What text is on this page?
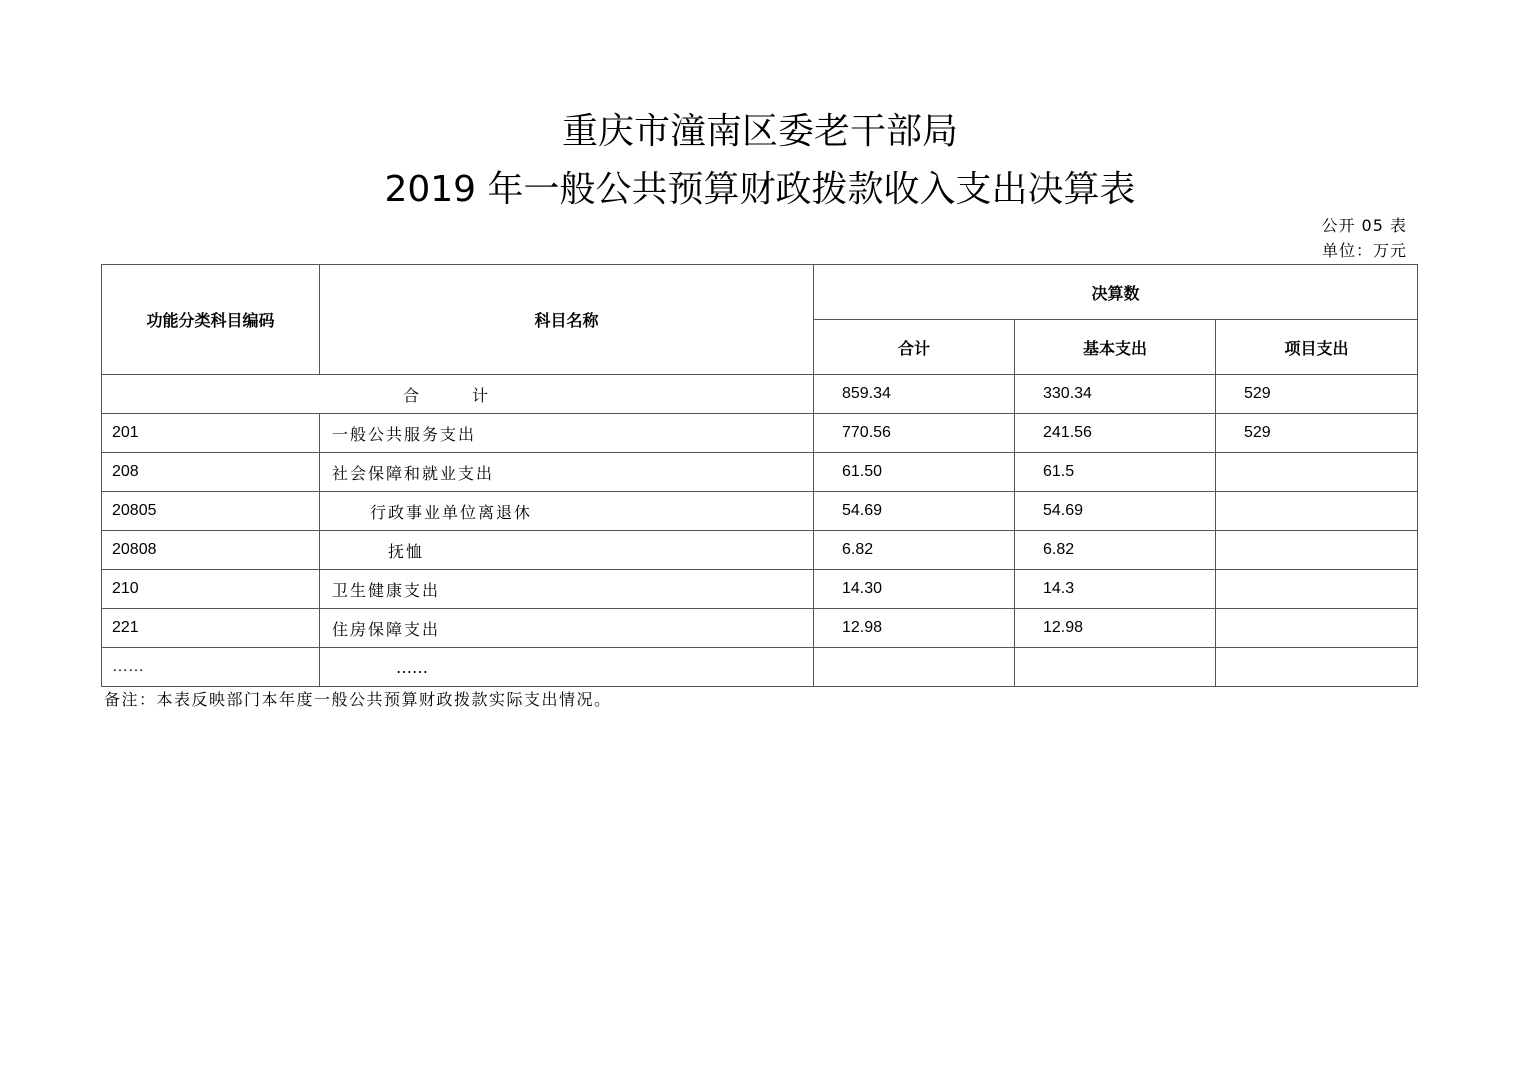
重庆市潼南区委老干部局
2019 年一般公共预算财政拨款收入支出决算表
公开 05 表
单位：万元
功能分类科目编码	科目名称	决算数		
		合计	基本支出	项目支出
合 计		859.34	330.34	529
201	一般公共服务支出	770.56	241.56	529
208	社会保障和就业支出	61.50	61.5	
20805	行政事业单位离退休	54.69	54.69	
20808	抚恤	6.82	6.82	
210	卫生健康支出	14.30	14.3	
221	住房保障支出	12.98	12.98	
……	……			
备注：本表反映部门本年度一般公共预算财政拨款实际支出情况。
